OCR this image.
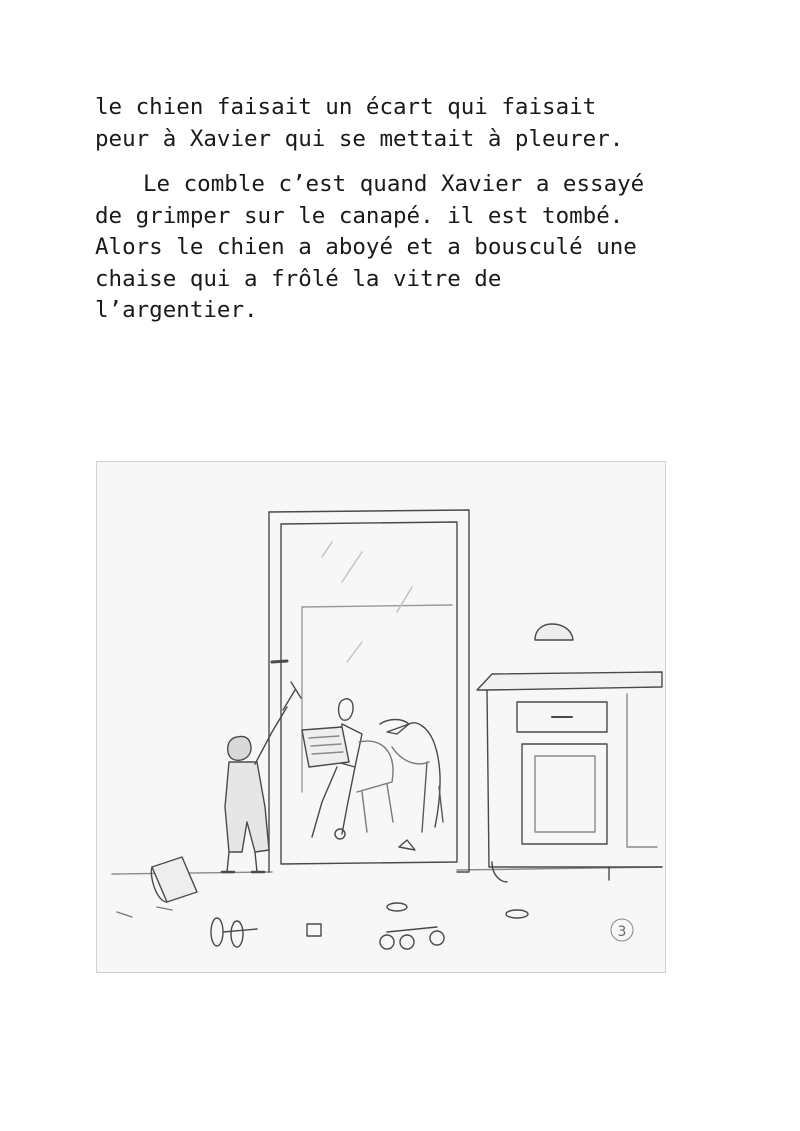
le chien faisait un écart qui faisait
peur à Xavier qui se mettait à pleurer.
Le comble c’est quand Xavier a essayé
de grimper sur le canapé. il est tombé.
Alors le chien a aboyé et a bousculé une
chaise qui a frôlé la vitre de
l’argentier.
3
